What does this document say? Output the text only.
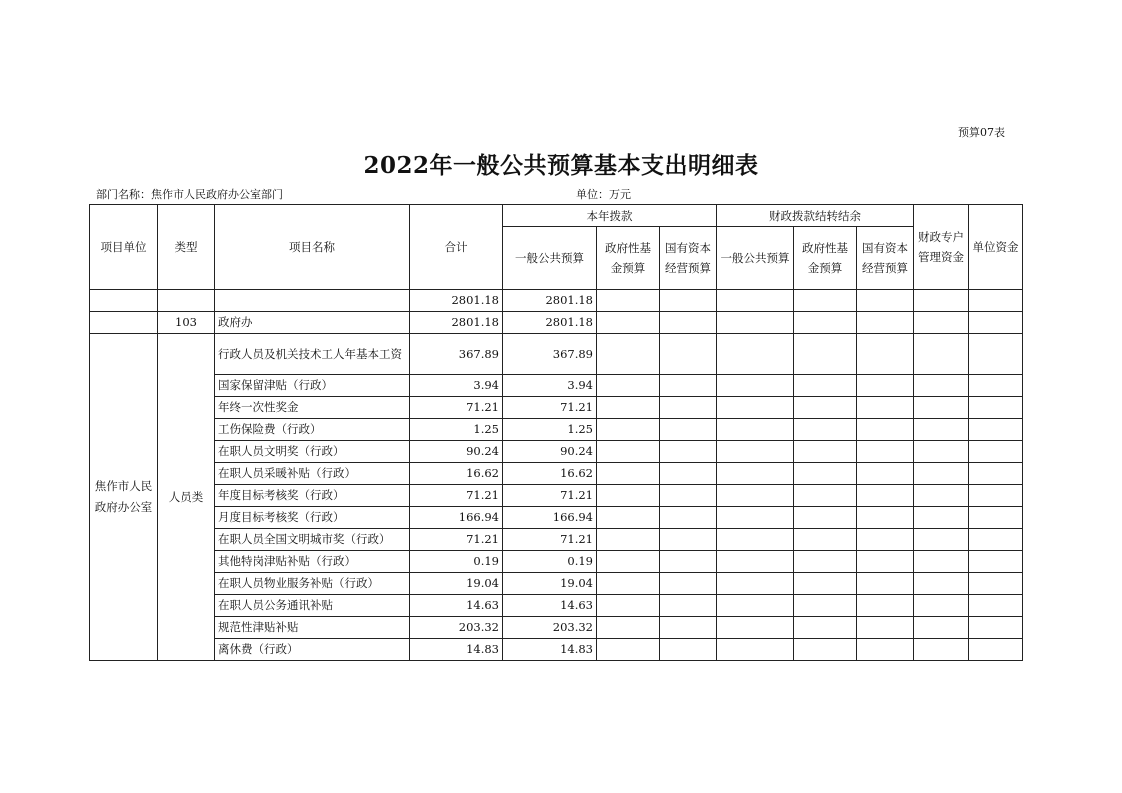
预算07表
2022年一般公共预算基本支出明细表
部门名称：焦作市人民政府办公室部门	单位：万元
项目单位	类型	项目名称	合计	本年拨款			财政拨款结转结余			财政专户管理资金	单位资金
				一般公共预算	政府性基金预算	国有资本经营预算	一般公共预算	政府性基金预算	国有资本经营预算		
			2801.18	2801.18							
	103	政府办	2801.18	2801.18							
焦作市人民政府办公室	人员类	行政人员及机关技术工人年基本工资	367.89	367.89							
		国家保留津贴（行政）	3.94	3.94							
		年终一次性奖金	71.21	71.21							
		工伤保险费（行政）	1.25	1.25							
		在职人员文明奖（行政）	90.24	90.24							
		在职人员采暖补贴（行政）	16.62	16.62							
		年度目标考核奖（行政）	71.21	71.21							
		月度目标考核奖（行政）	166.94	166.94							
		在职人员全国文明城市奖（行政）	71.21	71.21							
		其他特岗津贴补贴（行政）	0.19	0.19							
		在职人员物业服务补贴（行政）	19.04	19.04							
		在职人员公务通讯补贴	14.63	14.63							
		规范性津贴补贴	203.32	203.32							
		离休费（行政）	14.83	14.83							
